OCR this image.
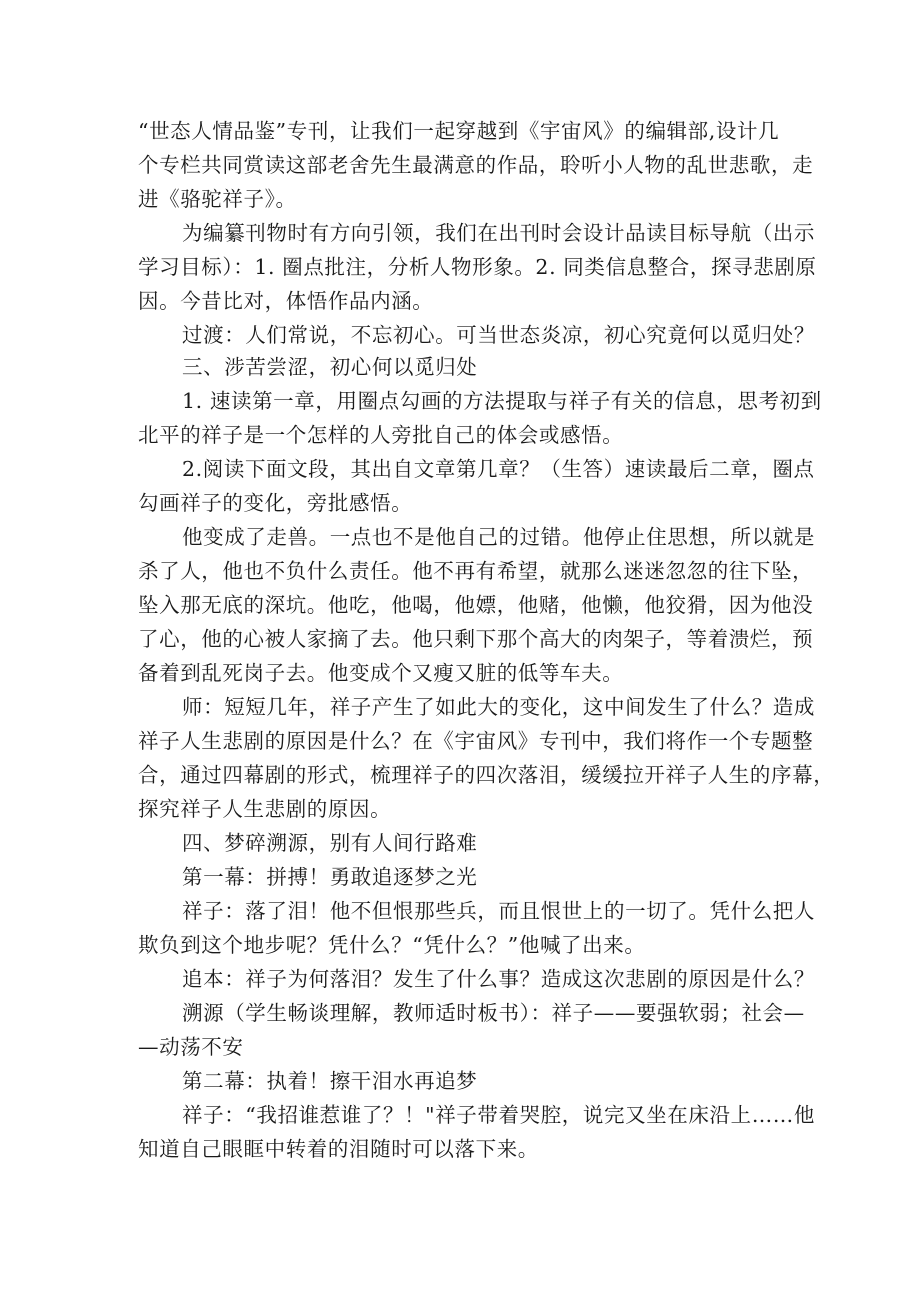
“世态人情品鉴”专刊，让我们一起穿越到《宇宙风》的编辑部,设计几
个专栏共同赏读这部老舍先生最满意的作品，聆听小人物的乱世悲歌，走
进《骆驼祥子》。
为编纂刊物时有方向引领，我们在出刊时会设计品读目标导航（出示
学习目标）：1. 圈点批注，分析人物形象。2. 同类信息整合，探寻悲剧原
因。今昔比对，体悟作品内涵。
过渡：人们常说，不忘初心。可当世态炎凉，初心究竟何以觅归处？
三、涉苦尝涩，初心何以觅归处
1. 速读第一章，用圈点勾画的方法提取与祥子有关的信息，思考初到
北平的祥子是一个怎样的人旁批自己的体会或感悟。
2.阅读下面文段，其出自文章第几章？（生答）速读最后二章，圈点
勾画祥子的变化，旁批感悟。
他变成了走兽。一点也不是他自己的过错。他停止住思想，所以就是
杀了人，他也不负什么责任。他不再有希望，就那么迷迷忽忽的往下坠，
坠入那无底的深坑。他吃，他喝，他嫖，他赌，他懒，他狡猾，因为他没
了心，他的心被人家摘了去。他只剩下那个高大的肉架子，等着溃烂，预
备着到乱死岗子去。他变成个又瘦又脏的低等车夫。
师：短短几年，祥子产生了如此大的变化，这中间发生了什么？造成
祥子人生悲剧的原因是什么？在《宇宙风》专刊中，我们将作一个专题整
合，通过四幕剧的形式，梳理祥子的四次落泪，缓缓拉开祥子人生的序幕，
探究祥子人生悲剧的原因。
四、梦碎溯源，别有人间行路难
第一幕：拼搏！勇敢追逐梦之光
祥子：落了泪！他不但恨那些兵，而且恨世上的一切了。凭什么把人
欺负到这个地步呢？凭什么？“凭什么？”他喊了出来。
追本：祥子为何落泪？发生了什么事？造成这次悲剧的原因是什么？
溯源（学生畅谈理解，教师适时板书）：祥子——要强软弱；社会—
—动荡不安
第二幕：执着！擦干泪水再追梦
祥子：“我招谁惹谁了？！"祥子带着哭腔，说完又坐在床沿上……他
知道自己眼眶中转着的泪随时可以落下来。
